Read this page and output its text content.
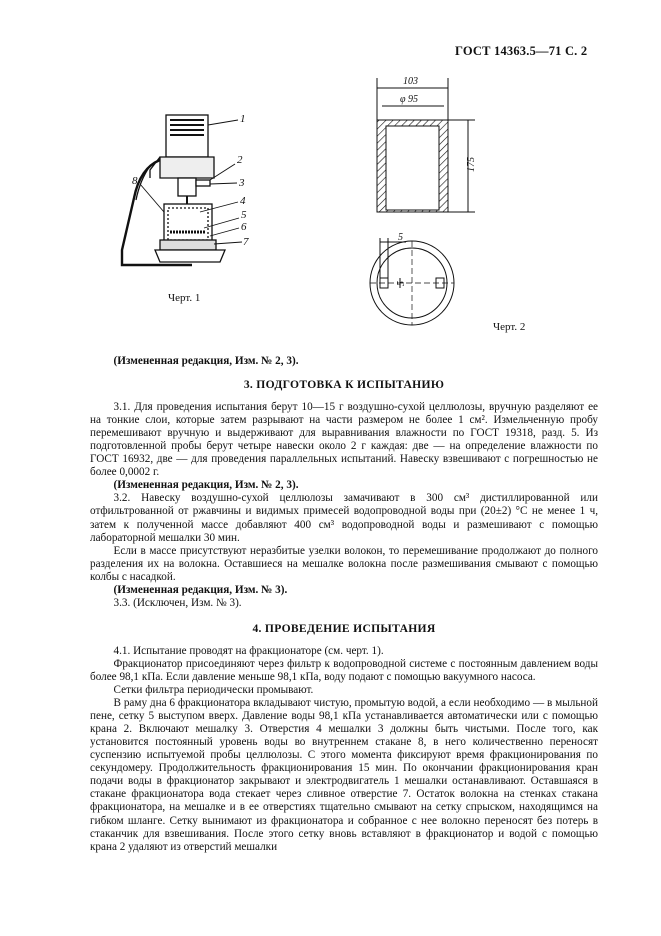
ГОСТ 14363.5—71 С. 2
1
2
3
4
5
6
7
8
Черт. 1
103
φ 95
175
5
5
Черт. 2

(Измененная редакция, Изм. № 2, 3).

3. ПОДГОТОВКА К ИСПЫТАНИЮ

3.1. Для проведения испытания берут 10—15 г воздушно-сухой целлюлозы, вручную разделяют ее на тонкие слои, которые затем разрывают на части размером не более 1 см². Измельченную пробу перемешивают вручную и выдерживают для выравнивания влажности по ГОСТ 19318, разд. 5. Из подготовленной пробы берут четыре навески около 2 г каждая: две — на определение влажности по ГОСТ 16932, две — для проведения параллельных испытаний. Навеску взвешивают с погрешностью не более 0,0002 г.

(Измененная редакция, Изм. № 2, 3).

3.2. Навеску воздушно-сухой целлюлозы замачивают в 300 см³ дистиллированной или отфильтрованной от ржавчины и видимых примесей водопроводной воды при (20±2) °С не менее 1 ч, затем к полученной массе добавляют 400 см³ водопроводной воды и размешивают с помощью лабораторной мешалки 30 мин.

Если в массе присутствуют неразбитые узелки волокон, то перемешивание продолжают до полного разделения их на волокна. Оставшиеся на мешалке волокна после размешивания смывают с помощью колбы с насадкой.

(Измененная редакция, Изм. № 3).

3.3. (Исключен, Изм. № 3).

4. ПРОВЕДЕНИЕ ИСПЫТАНИЯ

4.1. Испытание проводят на фракционаторе (см. черт. 1).

Фракционатор присоединяют через фильтр к водопроводной системе с постоянным давлением воды более 98,1 кПа. Если давление меньше 98,1 кПа, воду подают с помощью вакуумного насоса.

Сетки фильтра периодически промывают.

В раму дна 6 фракционатора вкладывают чистую, промытую водой, а если необходимо — в мыльной пене, сетку 5 выступом вверх. Давление воды 98,1 кПа устанавливается автоматически или с помощью крана 2. Включают мешалку 3. Отверстия 4 мешалки 3 должны быть чистыми. После того, как установится постоянный уровень воды во внутреннем стакане 8, в него количественно переносят суспензию испытуемой пробы целлюлозы. С этого момента фиксируют время фракционирования по секундомеру. Продолжительность фракционирования 15 мин. По окончании фракционирования кран подачи воды в фракционатор закрывают и электродвигатель 1 мешалки останавливают. Оставшаяся в стакане фракционатора вода стекает через сливное отверстие 7. Остаток волокна на стенках стакана фракционатора, на мешалке и в ее отверстиях тщательно смывают на сетку спрыском, находящимся на гибком шланге. Сетку вынимают из фракционатора и собранное с нее волокно переносят без потерь в стаканчик для взвешивания. После этого сетку вновь вставляют в фракционатор и водой с помощью крана 2 удаляют из отверстий мешалки
